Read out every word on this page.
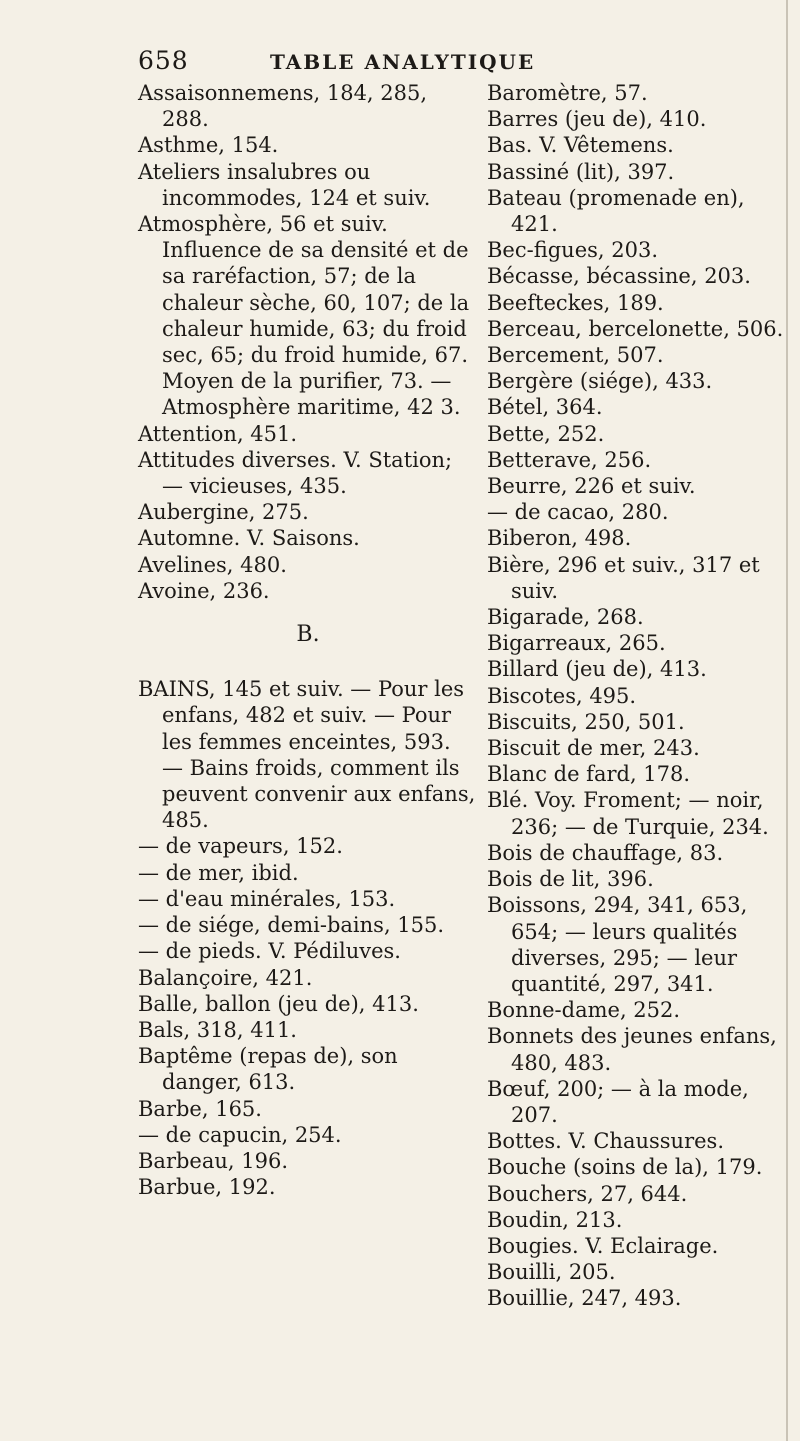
658	TABLE ANALYTIQUE
Assaisonnemens, 184, 285, 288.
Asthme, 154.
Ateliers insalubres ou incommodes, 124 et suiv.
Atmosphère, 56 et suiv. Influence de sa densité et de sa raréfaction, 57; de la chaleur sèche, 60, 107; de la chaleur humide, 63; du froid sec, 65; du froid humide, 67. Moyen de la purifier, 73. — Atmosphère maritime, 42 3.
Attention, 451.
Attitudes diverses. V. Station; — vicieuses, 435.
Aubergine, 275.
Automne. V. Saisons.
Avelines, 480.
Avoine, 236.
B.
BAINS, 145 et suiv. — Pour les enfans, 482 et suiv. — Pour les femmes enceintes, 593. — Bains froids, comment ils peuvent convenir aux enfans, 485.
— de vapeurs, 152.
— de mer, ibid.
— d'eau minérales, 153.
— de siége, demi-bains, 155.
— de pieds. V. Pédiluves.
Balançoire, 421.
Balle, ballon (jeu de), 413.
Bals, 318, 411.
Baptême (repas de), son danger, 613.
Barbe, 165.
— de capucin, 254.
Barbeau, 196.
Barbue, 192.
Baromètre, 57.
Barres (jeu de), 410.
Bas. V. Vêtemens.
Bassiné (lit), 397.
Bateau (promenade en), 421.
Bec-figues, 203.
Bécasse, bécassine, 203.
Beefteckes, 189.
Berceau, bercelonette, 506.
Bercement, 507.
Bergère (siége), 433.
Bétel, 364.
Bette, 252.
Betterave, 256.
Beurre, 226 et suiv.
— de cacao, 280.
Biberon, 498.
Bière, 296 et suiv., 317 et suiv.
Bigarade, 268.
Bigarreaux, 265.
Billard (jeu de), 413.
Biscotes, 495.
Biscuits, 250, 501.
Biscuit de mer, 243.
Blanc de fard, 178.
Blé. Voy. Froment; — noir, 236; — de Turquie, 234.
Bois de chauffage, 83.
Bois de lit, 396.
Boissons, 294, 341, 653, 654; — leurs qualités diverses, 295; — leur quantité, 297, 341.
Bonne-dame, 252.
Bonnets des jeunes enfans, 480, 483.
Bœuf, 200; — à la mode, 207.
Bottes. V. Chaussures.
Bouche (soins de la), 179.
Bouchers, 27, 644.
Boudin, 213.
Bougies. V. Eclairage.
Bouilli, 205.
Bouillie, 247, 493.
